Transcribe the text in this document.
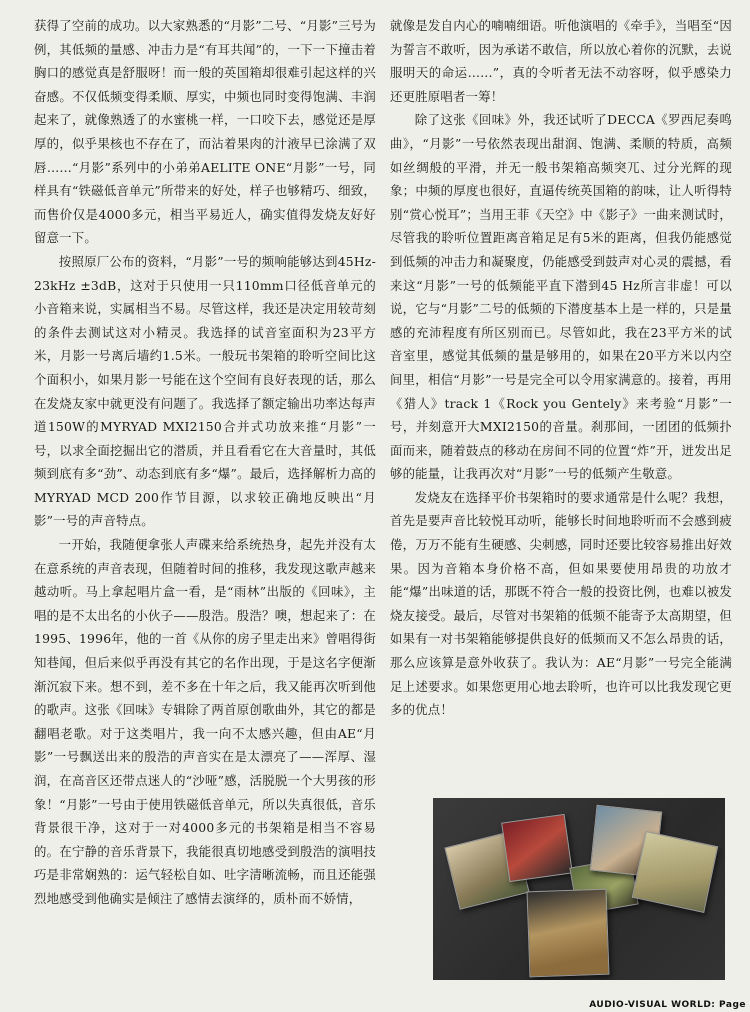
获得了空前的成功。以大家熟悉的“月影”二号、“月影”三号为例，其低频的量感、冲击力是“有耳共闻”的，一下一下撞击着胸口的感觉真是舒服呀！而一般的英国箱却很难引起这样的兴奋感。不仅低频变得柔顺、厚实，中频也同时变得饱满、丰润起来了，就像熟透了的水蜜桃一样，一口咬下去，感觉还是厚厚的，似乎果核也不存在了，而沾着果肉的汁液早已涂满了双唇……“月影”系列中的小弟弟AELITE ONE“月影”一号，同样具有“铁磁低音单元”所带来的好处，样子也够精巧、细致，而售价仅是4000多元，相当平易近人，确实值得发烧友好好留意一下。

按照原厂公布的资料，“月影”一号的频响能够达到45Hz-23kHz ±3dB，这对于只使用一只110mm口径低音单元的小音箱来说，实属相当不易。尽管这样，我还是决定用较苛刻的条件去测试这对小精灵。我选择的试音室面积为23平方米，月影一号离后墙约1.5米。一般玩书架箱的聆听空间比这个面积小，如果月影一号能在这个空间有良好表现的话，那么在发烧友家中就更没有问题了。我选择了额定输出功率达每声道150W的MYRYAD MXI2150合并式功放来推“月影”一号，以求全面挖掘出它的潜质，并且看看它在大音量时，其低频到底有多“劲”、动态到底有多“爆”。最后，选择解析力高的MYRYAD MCD 200作节目源，以求较正确地反映出“月影”一号的声音特点。

一开始，我随便拿张人声碟来给系统热身，起先并没有太在意系统的声音表现，但随着时间的推移，我发现这歌声越来越动听。马上拿起唱片盒一看，是“雨林”出版的《回味》，主唱的是不太出名的小伙子——殷浩。殷浩？噢，想起来了：在1995、1996年，他的一首《从你的房子里走出来》曾唱得街知巷闻，但后来似乎再没有其它的名作出现，于是这名字便渐渐沉寂下来。想不到，差不多在十年之后，我又能再次听到他的歌声。这张《回味》专辑除了两首原创歌曲外，其它的都是翻唱老歌。对于这类唱片，我一向不太感兴趣，但由AE“月影”一号飘送出来的殷浩的声音实在是太漂亮了——浑厚、湿润，在高音区还带点迷人的“沙哑”感，活脱脱一个大男孩的形象！“月影”一号由于使用铁磁低音单元，所以失真很低，音乐背景很干净，这对于一对4000多元的书架箱是相当不容易的。在宁静的音乐背景下，我能很真切地感受到殷浩的演唱技巧是非常娴熟的：运气轻松自如、吐字清晰流畅，而且还能强烈地感受到他确实是倾注了感情去演绎的，质朴而不娇情，

就像是发自内心的喃喃细语。听他演唱的《牵手》，当唱至“因为誓言不敢听，因为承诺不敢信，所以放心着你的沉默，去说服明天的命运……”，真的令听者无法不动容呀，似乎感染力还更胜原唱者一筹！

除了这张《回味》外，我还试听了DECCA《罗西尼奏鸣曲》，“月影”一号依然表现出甜润、饱满、柔顺的特质，高频如丝绸般的平滑，并无一般书架箱高频突兀、过分光辉的现象；中频的厚度也很好，直逼传统英国箱的韵味，让人听得特别“赏心悦耳”；当用王菲《天空》中《影子》一曲来测试时，尽管我的聆听位置距离音箱足足有5米的距离，但我仍能感觉到低频的冲击力和凝聚度，仍能感受到鼓声对心灵的震撼，看来这“月影”一号的低频能平直下潜到45 Hz所言非虚！可以说，它与“月影”二号的低频的下潜度基本上是一样的，只是量感的充沛程度有所区别而已。尽管如此，我在23平方米的试音室里，感觉其低频的量是够用的，如果在20平方米以内空间里，相信“月影”一号是完全可以令用家满意的。接着，再用《猎人》track 1《Rock you Gentely》来考验“月影”一号，并刻意开大MXI2150的音量。刹那间，一团团的低频扑面而来，随着鼓点的移动在房间不同的位置“炸”开，迸发出足够的能量，让我再次对“月影”一号的低频产生敬意。

发烧友在选择平价书架箱时的要求通常是什么呢？我想，首先是要声音比较悦耳动听，能够长时间地聆听而不会感到疲倦，万万不能有生硬感、尖刺感，同时还要比较容易推出好效果。因为音箱本身价格不高，但如果要使用昂贵的功放才能“爆”出味道的话，那既不符合一般的投资比例，也难以被发烧友接受。最后，尽管对书架箱的低频不能寄予太高期望，但如果有一对书架箱能够提供良好的低频而又不怎么昂贵的话，那么应该算是意外收获了。我认为：AE“月影”一号完全能满足上述要求。如果您更用心地去聆听，也许可以比我发现它更多的优点！

AUDIO-VISUAL WORLD: Page
